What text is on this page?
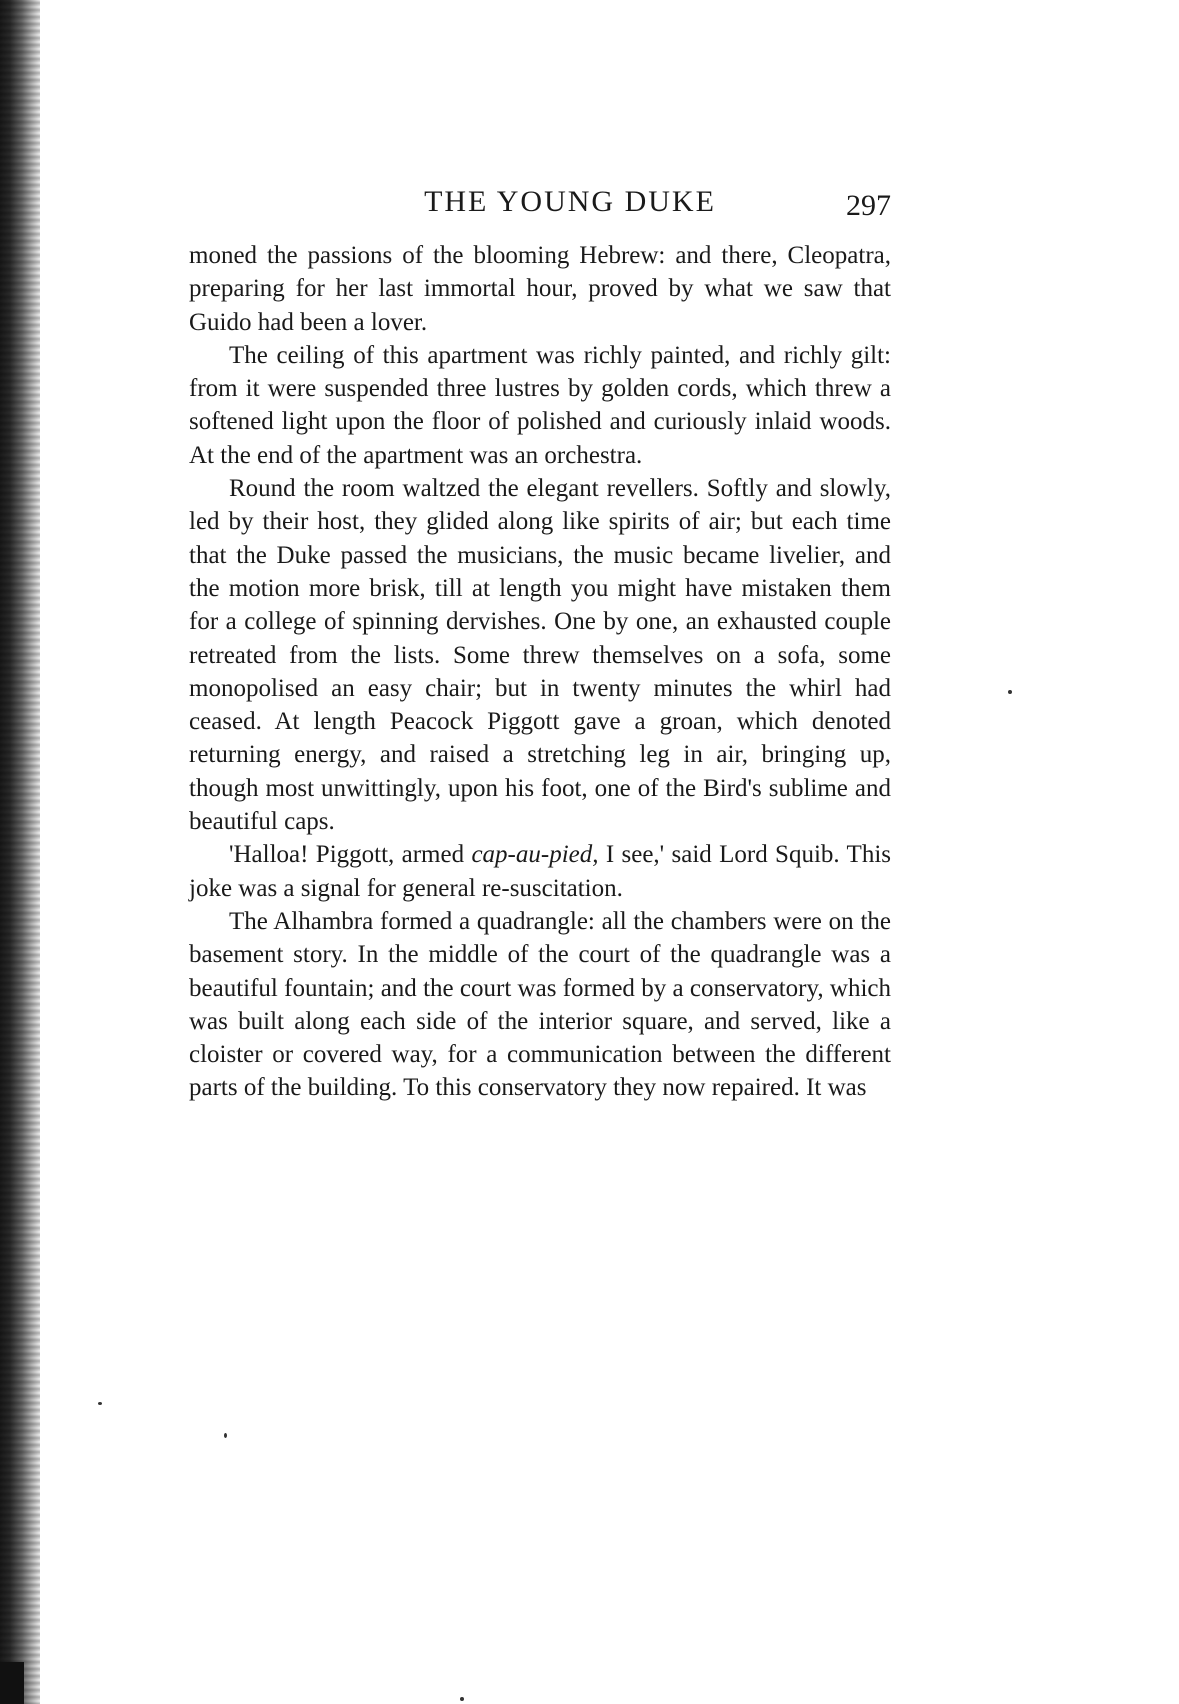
THE YOUNG DUKE	297

moned the passions of the blooming Hebrew: and there, Cleopatra, preparing for her last immortal hour, proved by what we saw that Guido had been a lover.

The ceiling of this apartment was richly painted, and richly gilt: from it were suspended three lustres by golden cords, which threw a softened light upon the floor of polished and curiously inlaid woods. At the end of the apartment was an orchestra.

Round the room waltzed the elegant revellers. Softly and slowly, led by their host, they glided along like spirits of air; but each time that the Duke passed the musicians, the music became livelier, and the motion more brisk, till at length you might have mistaken them for a college of spinning dervishes. One by one, an exhausted couple retreated from the lists. Some threw themselves on a sofa, some monopolised an easy chair; but in twenty minutes the whirl had ceased. At length Peacock Piggott gave a groan, which denoted returning energy, and raised a stretching leg in air, bringing up, though most unwittingly, upon his foot, one of the Bird's sublime and beautiful caps.

'Halloa! Piggott, armed cap-au-pied, I see,' said Lord Squib. This joke was a signal for general re-suscitation.

The Alhambra formed a quadrangle: all the chambers were on the basement story. In the middle of the court of the quadrangle was a beautiful fountain; and the court was formed by a conservatory, which was built along each side of the interior square, and served, like a cloister or covered way, for a communication between the different parts of the building. To this conservatory they now repaired. It was
